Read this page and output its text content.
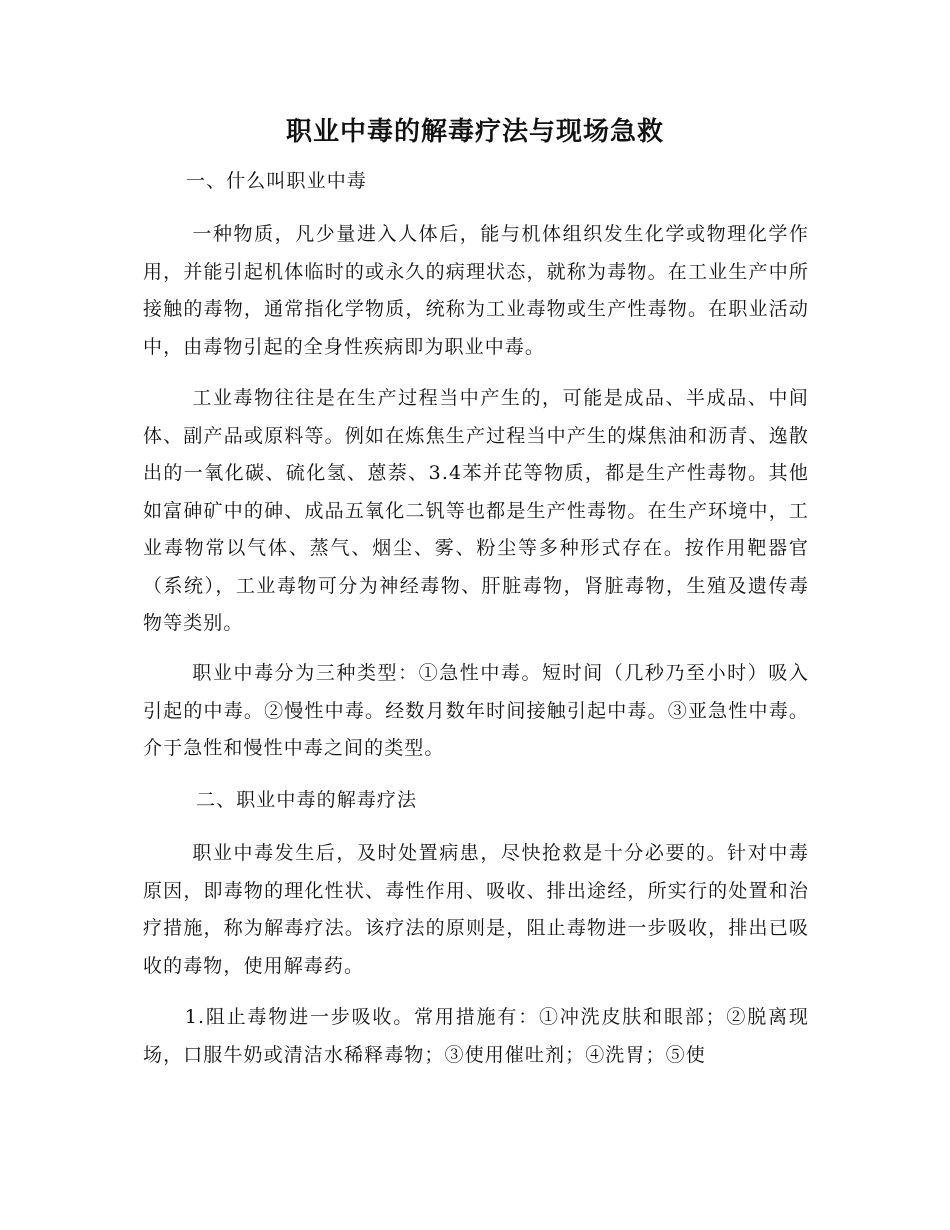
职业中毒的解毒疗法与现场急救

一、什么叫职业中毒

一种物质，凡少量进入人体后，能与机体组织发生化学或物理化学作用，并能引起机体临时的或永久的病理状态，就称为毒物。在工业生产中所接触的毒物，通常指化学物质，统称为工业毒物或生产性毒物。在职业活动中，由毒物引起的全身性疾病即为职业中毒。

工业毒物往往是在生产过程当中产生的，可能是成品、半成品、中间体、副产品或原料等。例如在炼焦生产过程当中产生的煤焦油和沥青、逸散出的一氧化碳、硫化氢、蒽萘、3.4苯并芘等物质，都是生产性毒物。其他如富砷矿中的砷、成品五氧化二钒等也都是生产性毒物。在生产环境中，工业毒物常以气体、蒸气、烟尘、雾、粉尘等多种形式存在。按作用靶器官（系统），工业毒物可分为神经毒物、肝脏毒物，肾脏毒物，生殖及遗传毒物等类别。

职业中毒分为三种类型：①急性中毒。短时间（几秒乃至小时）吸入引起的中毒。②慢性中毒。经数月数年时间接触引起中毒。③亚急性中毒。介于急性和慢性中毒之间的类型。

二、职业中毒的解毒疗法

职业中毒发生后，及时处置病患，尽快抢救是十分必要的。针对中毒原因，即毒物的理化性状、毒性作用、吸收、排出途经，所实行的处置和治疗措施，称为解毒疗法。该疗法的原则是，阻止毒物进一步吸收，排出已吸收的毒物，使用解毒药。

1.阻止毒物进一步吸收。常用措施有：①冲洗皮肤和眼部；②脱离现场，口服牛奶或清洁水稀释毒物；③使用催吐剂；④洗胃；⑤使
